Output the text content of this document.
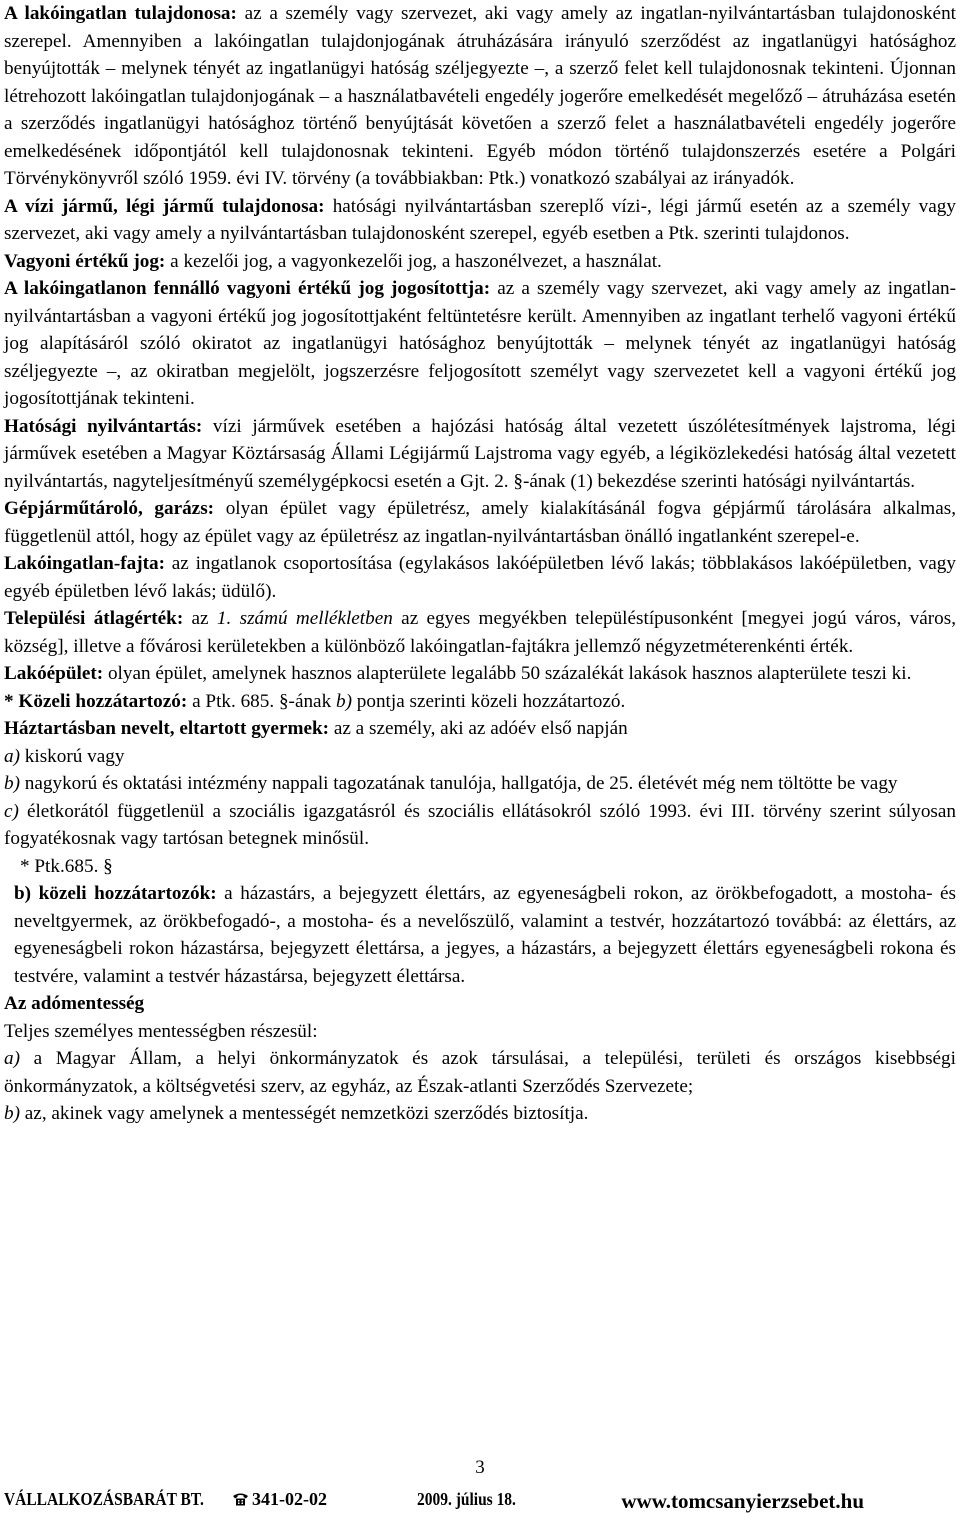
A lakóingatlan tulajdonosa: az a személy vagy szervezet, aki vagy amely az ingatlan-nyilvántartásban tulajdonosként szerepel. Amennyiben a lakóingatlan tulajdonjogának átruházására irányuló szerződést az ingatlanügyi hatósághoz benyújtották – melynek tényét az ingatlanügyi hatóság széljegyezte –, a szerző felet kell tulajdonosnak tekinteni. Újonnan létrehozott lakóingatlan tulajdonjogának – a használatbavételi engedély jogerőre emelkedését megelőző – átruházása esetén a szerződés ingatlanügyi hatósághoz történő benyújtását követően a szerző felet a használatbavételi engedély jogerőre emelkedésének időpontjától kell tulajdonosnak tekinteni. Egyéb módon történő tulajdonszerzés esetére a Polgári Törvénykönyvről szóló 1959. évi IV. törvény (a továbbiakban: Ptk.) vonatkozó szabályai az irányadók.

A vízi jármű, légi jármű tulajdonosa: hatósági nyilvántartásban szereplő vízi-, légi jármű esetén az a személy vagy szervezet, aki vagy amely a nyilvántartásban tulajdonosként szerepel, egyéb esetben a Ptk. szerinti tulajdonos.

Vagyoni értékű jog: a kezelői jog, a vagyonkezelői jog, a haszonélvezet, a használat.

A lakóingatlanon fennálló vagyoni értékű jog jogosítottja: az a személy vagy szervezet, aki vagy amely az ingatlan-nyilvántartásban a vagyoni értékű jog jogosítottjaként feltüntetésre került. Amennyiben az ingatlant terhelő vagyoni értékű jog alapításáról szóló okiratot az ingatlanügyi hatósághoz benyújtották – melynek tényét az ingatlanügyi hatóság széljegyezte –, az okiratban megjelölt, jogszerzésre feljogosított személyt vagy szervezetet kell a vagyoni értékű jog jogosítottjának tekinteni.

Hatósági nyilvántartás: vízi járművek esetében a hajózási hatóság által vezetett úszólétesítmények lajstroma, légi járművek esetében a Magyar Köztársaság Állami Légijármű Lajstroma vagy egyéb, a légiközlekedési hatóság által vezetett nyilvántartás, nagyteljesítményű személygépkocsi esetén a Gjt. 2. §-ának (1) bekezdése szerinti hatósági nyilvántartás.

Gépjárműtároló, garázs: olyan épület vagy épületrész, amely kialakításánál fogva gépjármű tárolására alkalmas, függetlenül attól, hogy az épület vagy az épületrész az ingatlan-nyilvántartásban önálló ingatlanként szerepel-e.

Lakóingatlan-fajta: az ingatlanok csoportosítása (egylakásos lakóépületben lévő lakás; többlakásos lakóépületben, vagy egyéb épületben lévő lakás; üdülő).

Települési átlagérték: az 1. számú mellékletben az egyes megyékben településtípusonként [megyei jogú város, város, község], illetve a fővárosi kerületekben a különböző lakóingatlan-fajtákra jellemző négyzetméterenkénti érték.

Lakóépület: olyan épület, amelynek hasznos alapterülete legalább 50 százalékát lakások hasznos alapterülete teszi ki.

* Közeli hozzátartozó: a Ptk. 685. §-ának b) pontja szerinti közeli hozzátartozó.

Háztartásban nevelt, eltartott gyermek: az a személy, aki az adóév első napján

a) kiskorú vagy

b) nagykorú és oktatási intézmény nappali tagozatának tanulója, hallgatója, de 25. életévét még nem töltötte be vagy

c) életkorától függetlenül a szociális igazgatásról és szociális ellátásokról szóló 1993. évi III. törvény szerint súlyosan fogyatékosnak vagy tartósan betegnek minősül.

* Ptk.685. §

b) közeli hozzátartozók: a házastárs, a bejegyzett élettárs, az egyeneságbeli rokon, az örökbefogadott, a mostoha- és neveltgyermek, az örökbefogadó-, a mostoha- és a nevelőszülő, valamint a testvér, hozzátartozó továbbá: az élettárs, az egyeneságbeli rokon házastársa, bejegyzett élettársa, a jegyes, a házastárs, a bejegyzett élettárs egyeneságbeli rokona és testvére, valamint a testvér házastársa, bejegyzett élettársa.

Az adómentesség

Teljes személyes mentességben részesül:

a) a Magyar Állam, a helyi önkormányzatok és azok társulásai, a települési, területi és országos kisebbségi önkormányzatok, a költségvetési szerv, az egyház, az Észak-atlanti Szerződés Szervezete;

b) az, akinek vagy amelynek a mentességét nemzetközi szerződés biztosítja.

3
VÁLLALKOZÁSBARÁT BT.	341-02-02	2009. július 18.	www.tomcsanyierzsebet.hu
